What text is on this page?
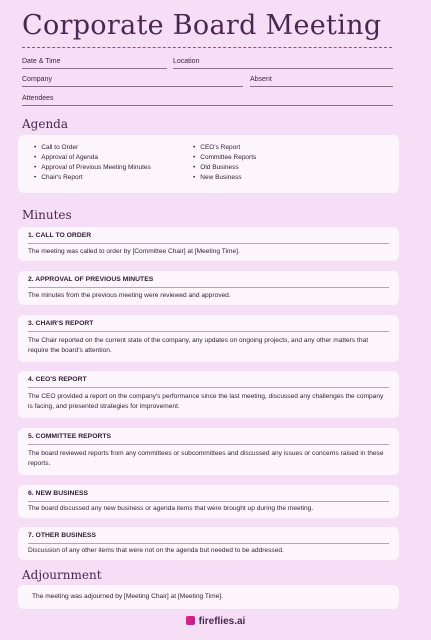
Corporate Board Meeting
Date & Time	Location
Company	Absent
Attendees
Agenda
• Call to Order
• Approval of Agenda
• Approval of Previous Meeting Minutes
• Chair's Report
• CEO's Report
• Committee Reports
• Old Business
• New Business
Minutes
1. CALL TO ORDER
The meeting was called to order by [Committee Chair] at [Meeting Time].
2. APPROVAL OF PREVIOUS MINUTES
The minutes from the previous meeting were reviewed and approved.
3. CHAIR'S REPORT
The Chair reported on the current state of the company, any updates on ongoing projects, and any other matters that require the board's attention.
4. CEO'S REPORT
The CEO provided a report on the company's performance since the last meeting, discussed any challenges the company is facing, and presented strategies for improvement.
5. COMMITTEE REPORTS
The board reviewed reports from any committees or subcommittees and discussed any issues or concerns raised in these reports.
6. NEW BUSINESS
The board discussed any new business or agenda items that were brought up during the meeting.
7. OTHER BUSINESS
Discussion of any other items that were not on the agenda but needed to be addressed.
Adjournment
The meeting was adjourned by [Meeting Chair] at [Meeting Time].
fireflies.ai
